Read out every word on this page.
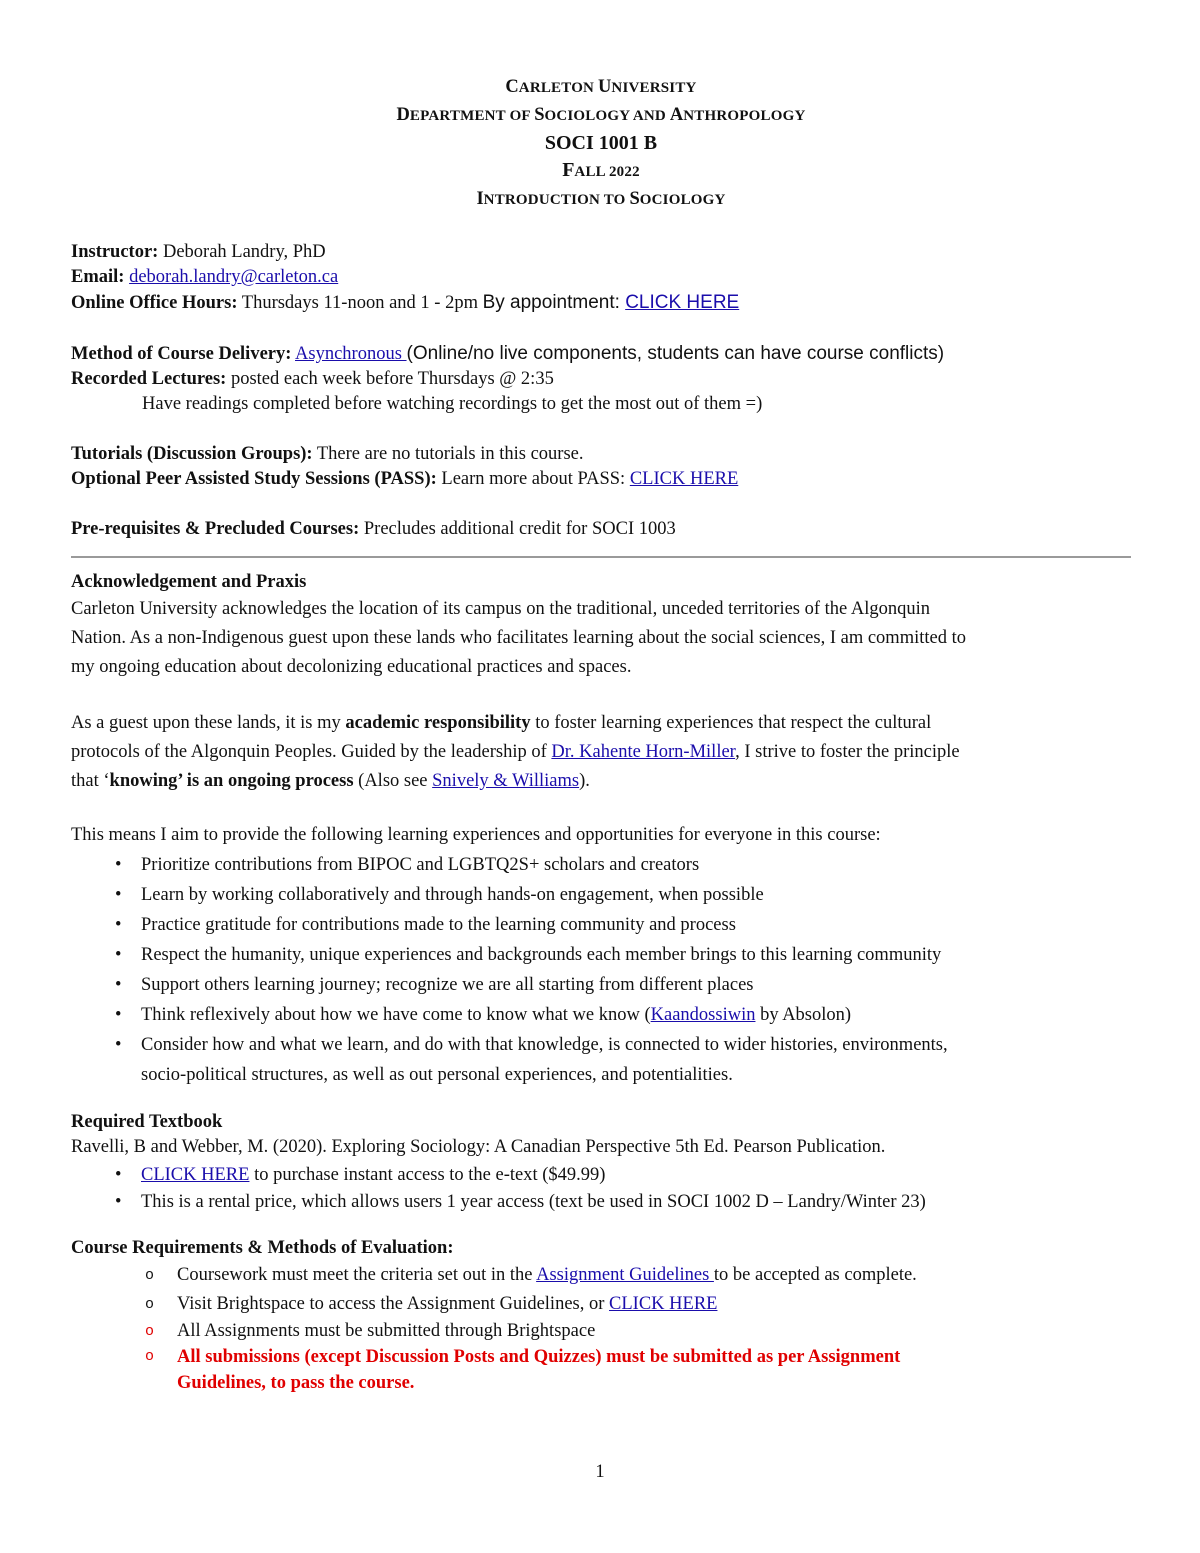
CARLETON UNIVERSITY
DEPARTMENT OF SOCIOLOGY AND ANTHROPOLOGY
SOCI 1001 B
FALL 2022
INTRODUCTION TO SOCIOLOGY
Instructor: Deborah Landry, PhD
Email: deborah.landry@carleton.ca
Online Office Hours: Thursdays 11-noon and 1 - 2pm By appointment: CLICK HERE
Method of Course Delivery: Asynchronous (Online/no live components, students can have course conflicts)
Recorded Lectures: posted each week before Thursdays @ 2:35
Have readings completed before watching recordings to get the most out of them =)
Tutorials (Discussion Groups): There are no tutorials in this course.
Optional Peer Assisted Study Sessions (PASS): Learn more about PASS: CLICK HERE
Pre-requisites & Precluded Courses: Precludes additional credit for SOCI 1003
Acknowledgement and Praxis
Carleton University acknowledges the location of its campus on the traditional, unceded territories of the Algonquin
Nation. As a non-Indigenous guest upon these lands who facilitates learning about the social sciences, I am committed to
my ongoing education about decolonizing educational practices and spaces.
As a guest upon these lands, it is my academic responsibility to foster learning experiences that respect the cultural
protocols of the Algonquin Peoples. Guided by the leadership of Dr. Kahente Horn-Miller, I strive to foster the principle
that ‘knowing’ is an ongoing process (Also see Snively & Williams).
This means I aim to provide the following learning experiences and opportunities for everyone in this course:
• Prioritize contributions from BIPOC and LGBTQ2S+ scholars and creators
• Learn by working collaboratively and through hands-on engagement, when possible
• Practice gratitude for contributions made to the learning community and process
• Respect the humanity, unique experiences and backgrounds each member brings to this learning community
• Support others learning journey; recognize we are all starting from different places
• Think reflexively about how we have come to know what we know (Kaandossiwin by Absolon)
• Consider how and what we learn, and do with that knowledge, is connected to wider histories, environments,
socio-political structures, as well as out personal experiences, and potentialities.
Required Textbook
Ravelli, B and Webber, M. (2020). Exploring Sociology: A Canadian Perspective 5th Ed. Pearson Publication.
• CLICK HERE to purchase instant access to the e-text ($49.99)
• This is a rental price, which allows users 1 year access (text be used in SOCI 1002 D – Landry/Winter 23)
Course Requirements & Methods of Evaluation:
o Coursework must meet the criteria set out in the Assignment Guidelines to be accepted as complete.
o Visit Brightspace to access the Assignment Guidelines, or CLICK HERE
o All Assignments must be submitted through Brightspace
o All submissions (except Discussion Posts and Quizzes) must be submitted as per Assignment
Guidelines, to pass the course.
1
